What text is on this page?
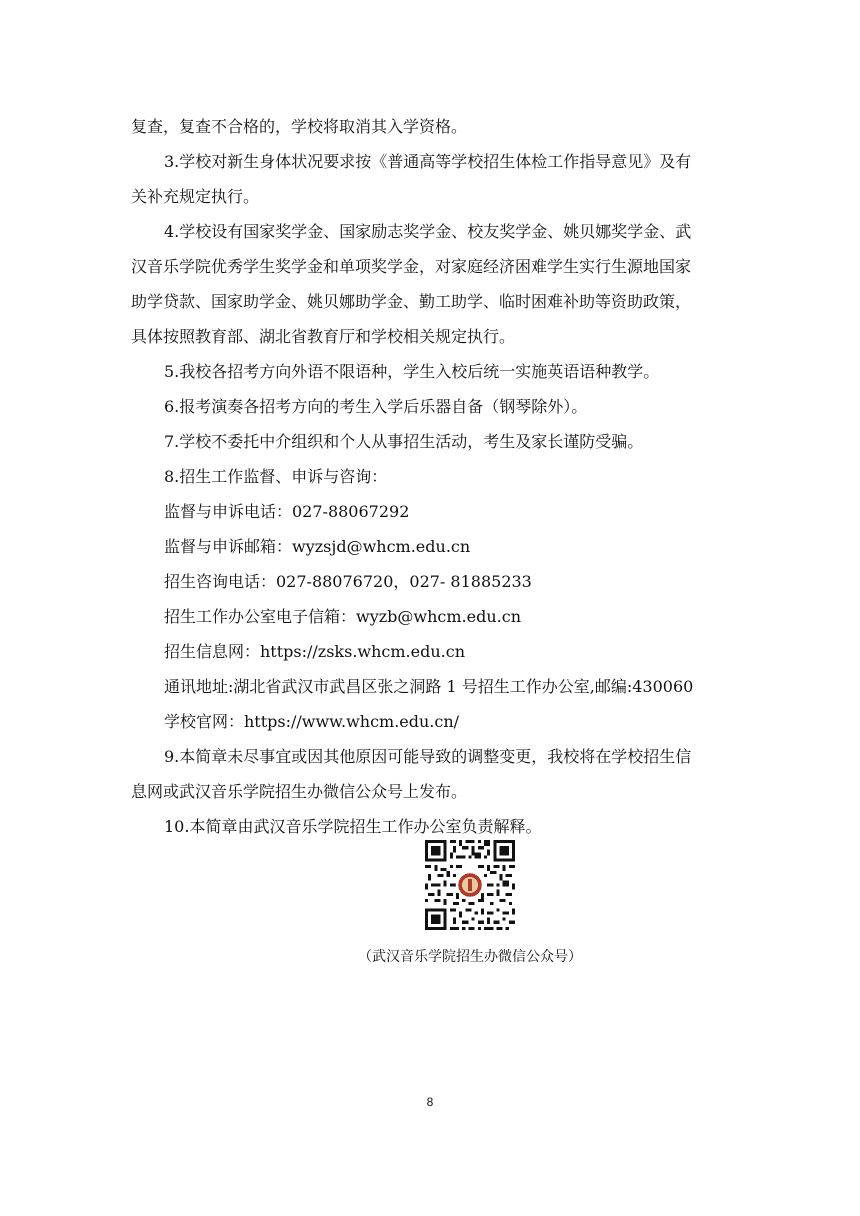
复查，复查不合格的，学校将取消其入学资格。
3.学校对新生身体状况要求按《普通高等学校招生体检工作指导意见》及有
关补充规定执行。
4.学校设有国家奖学金、国家励志奖学金、校友奖学金、姚贝娜奖学金、武
汉音乐学院优秀学生奖学金和单项奖学金，对家庭经济困难学生实行生源地国家
助学贷款、国家助学金、姚贝娜助学金、勤工助学、临时困难补助等资助政策，
具体按照教育部、湖北省教育厅和学校相关规定执行。
5.我校各招考方向外语不限语种，学生入校后统一实施英语语种教学。
6.报考演奏各招考方向的考生入学后乐器自备（钢琴除外）。
7.学校不委托中介组织和个人从事招生活动，考生及家长谨防受骗。
8.招生工作监督、申诉与咨询：
监督与申诉电话：027-88067292
监督与申诉邮箱：wyzsjd@whcm.edu.cn
招生咨询电话：027-88076720，027- 81885233
招生工作办公室电子信箱：wyzb@whcm.edu.cn
招生信息网：https://zsks.whcm.edu.cn
通讯地址:湖北省武汉市武昌区张之洞路 1 号招生工作办公室,邮编:430060
学校官网：https://www.whcm.edu.cn/
9.本简章未尽事宜或因其他原因可能导致的调整变更，我校将在学校招生信
息网或武汉音乐学院招生办微信公众号上发布。
10.本简章由武汉音乐学院招生工作办公室负责解释。
（武汉音乐学院招生办微信公众号）
8
